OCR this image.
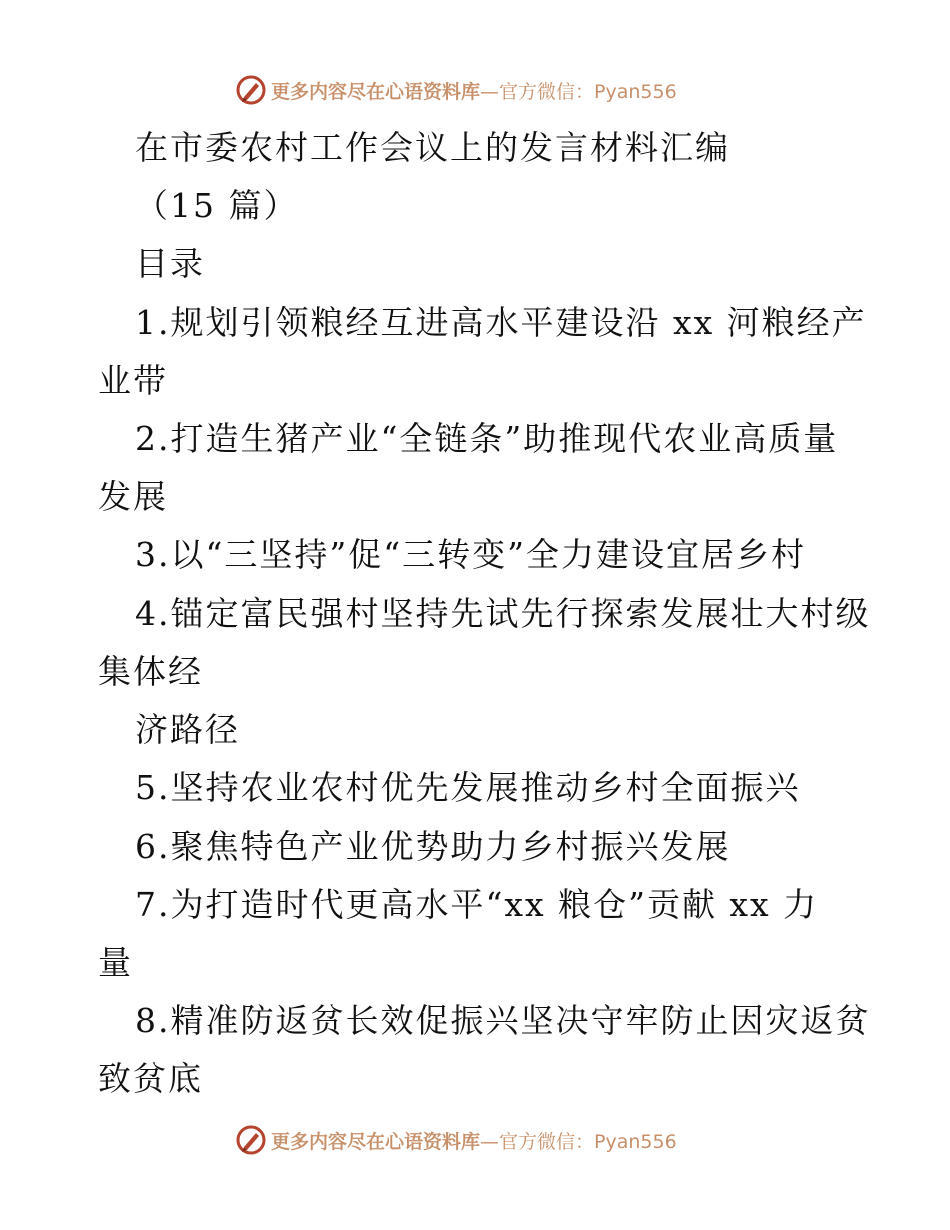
更多内容尽在心语资料库 —官方微信：Pyan556
在市委农村工作会议上的发言材料汇编
（15 篇）
目录
1.规划引领粮经互进高水平建设沿 xx 河粮经产
业带
2.打造生猪产业“全链条”助推现代农业高质量
发展
3.以“三坚持”促“三转变”全力建设宜居乡村
4.锚定富民强村坚持先试先行探索发展壮大村级
集体经
济路径
5.坚持农业农村优先发展推动乡村全面振兴
6.聚焦特色产业优势助力乡村振兴发展
7.为打造时代更高水平“xx 粮仓”贡献 xx 力
量
8.精准防返贫长效促振兴坚决守牢防止因灾返贫
致贫底
更多内容尽在心语资料库 —官方微信：Pyan556
